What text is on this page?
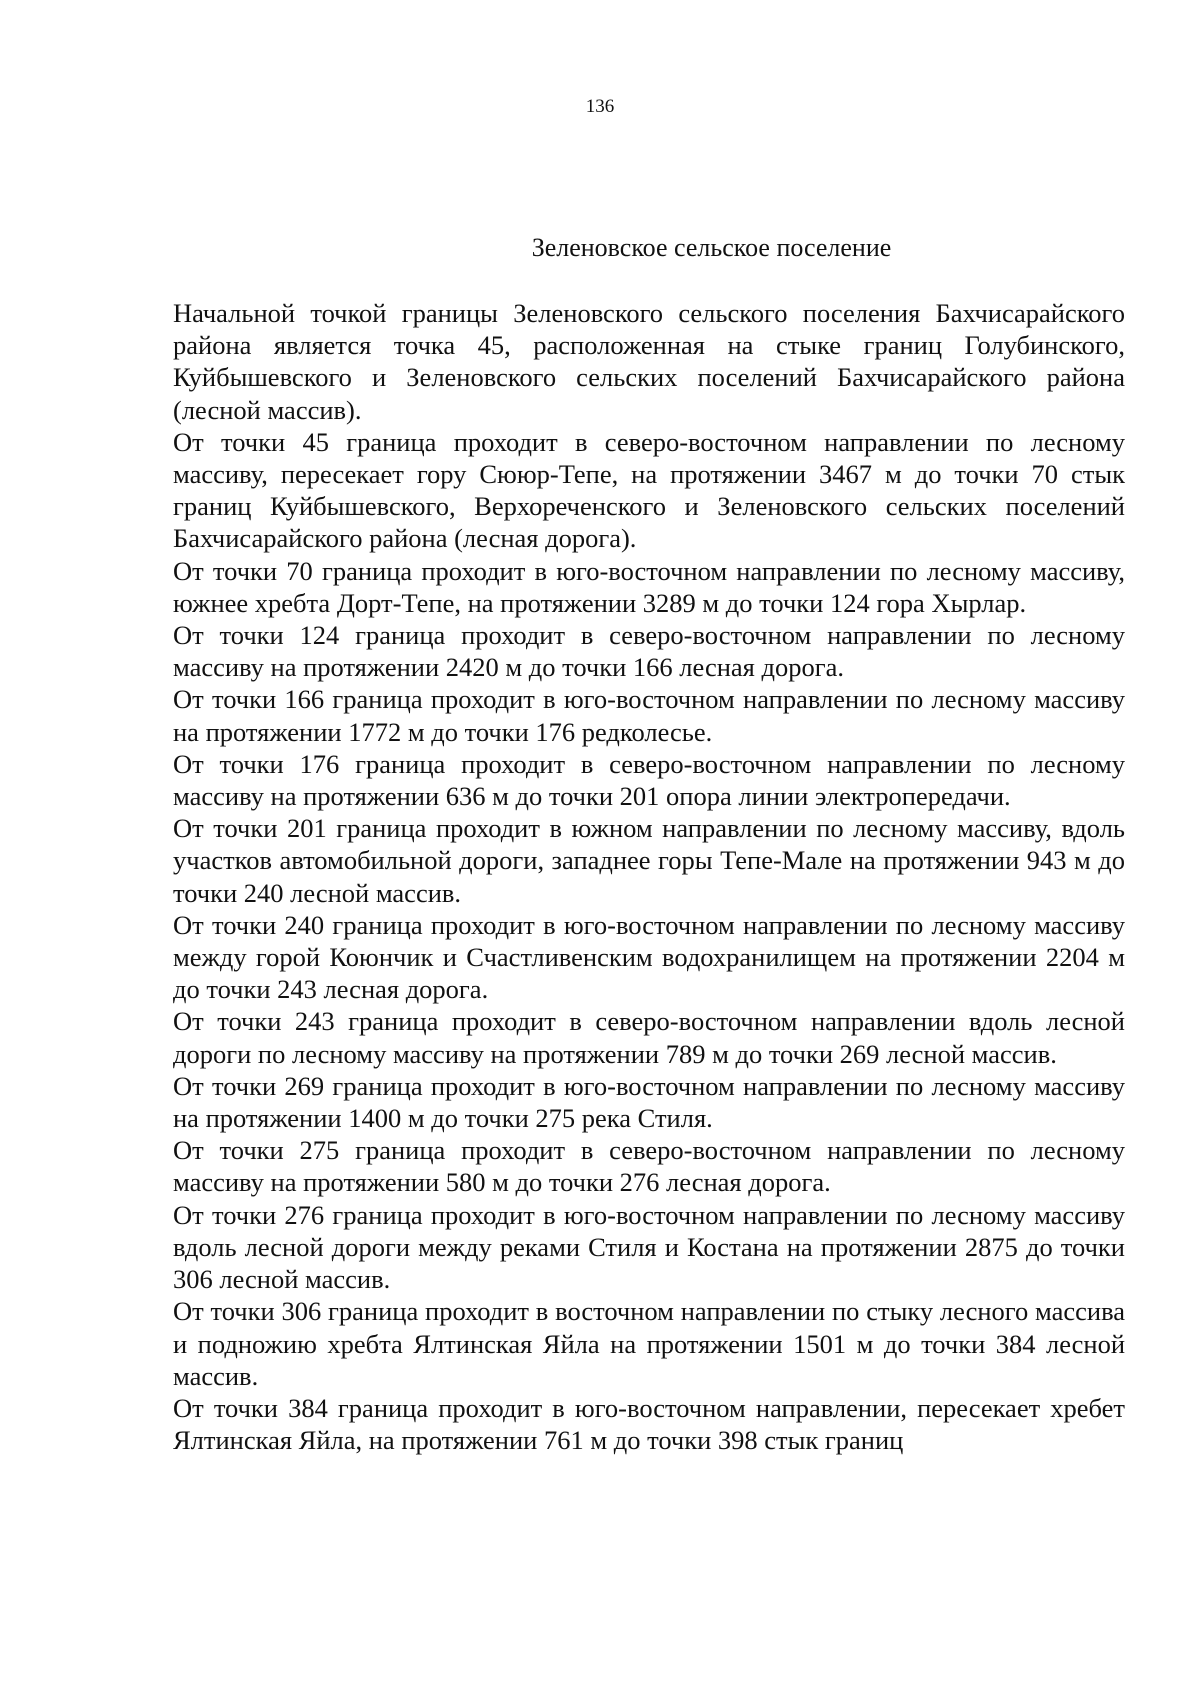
136
Зеленовское сельское поселение

Начальной точкой границы Зеленовского сельского поселения Бахчисарайского района является точка 45, расположенная на стыке границ Голубинского, Куйбышевского и Зеленовского сельских поселений Бахчисарайского района (лесной массив).

От точки 45 граница проходит в северо-восточном направлении по лесному массиву, пересекает гору Сююр-Тепе, на протяжении 3467 м до точки 70 стык границ Куйбышевского, Верхореченского и Зеленовского сельских поселений Бахчисарайского района (лесная дорога).

От точки 70 граница проходит в юго-восточном направлении по лесному массиву, южнее хребта Дорт-Тепе, на протяжении 3289 м до точки 124 гора Хырлар.

От точки 124 граница проходит в северо-восточном направлении по лесному массиву на протяжении 2420 м до точки 166 лесная дорога.

От точки 166 граница проходит в юго-восточном направлении по лесному массиву на протяжении 1772 м до точки 176 редколесье.

От точки 176 граница проходит в северо-восточном направлении по лесному массиву на протяжении 636 м до точки 201 опора линии электропередачи.

От точки 201 граница проходит в южном направлении по лесному массиву, вдоль участков автомобильной дороги, западнее горы Тепе-Мале на протяжении 943 м до точки 240 лесной массив.

От точки 240 граница проходит в юго-восточном направлении по лесному массиву между горой Коюнчик и Счастливенским водохранилищем на протяжении 2204 м до точки 243 лесная дорога.

От точки 243 граница проходит в северо-восточном направлении вдоль лесной дороги по лесному массиву на протяжении 789 м до точки 269 лесной массив.

От точки 269 граница проходит в юго-восточном направлении по лесному массиву на протяжении 1400 м до точки 275 река Стиля.

От точки 275 граница проходит в северо-восточном направлении по лесному массиву на протяжении 580 м до точки 276 лесная дорога.

От точки 276 граница проходит в юго-восточном направлении по лесному массиву вдоль лесной дороги между реками Стиля и Костана на протяжении 2875 до точки 306 лесной массив.

От точки 306 граница проходит в восточном направлении по стыку лесного массива и подножию хребта Ялтинская Яйла на протяжении 1501 м до точки 384 лесной массив.

От точки 384 граница проходит в юго-восточном направлении, пересекает хребет Ялтинская Яйла, на протяжении 761 м до точки 398 стык границ
